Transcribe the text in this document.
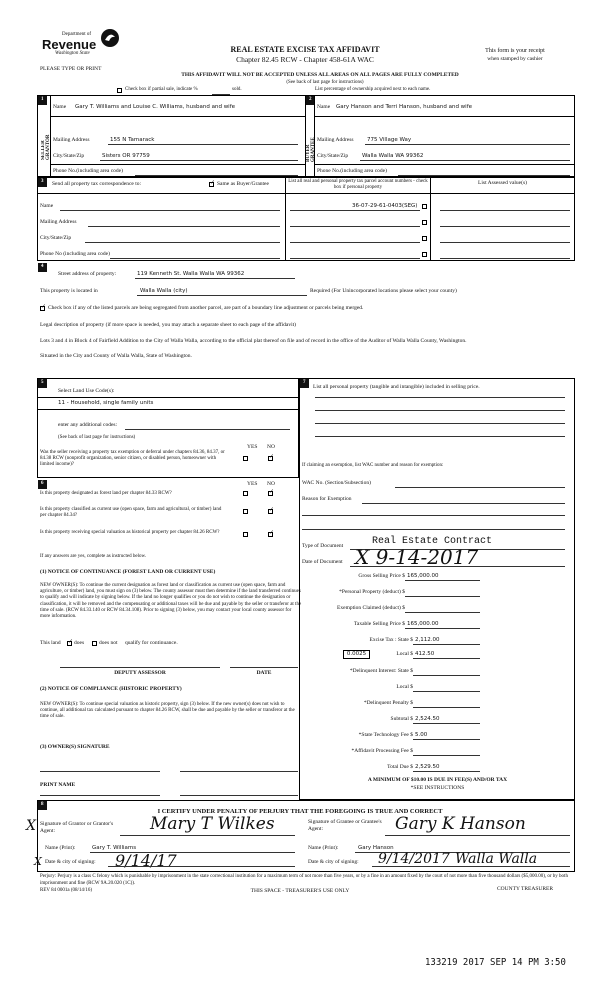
Department of
Revenue
Washington State	REAL ESTATE EXCISE TAX AFFIDAVIT
Chapter 82.45 RCW - Chapter 458-61A WAC
This form is your receipt
when stamped by cashier
PLEASE TYPE OR PRINT
THIS AFFIDAVIT WILL NOT BE ACCEPTED UNLESS ALL AREAS ON ALL PAGES ARE FULLY COMPLETED
(See back of last page for instructions)
Check box if partial sale, indicate %	sold.	List percentage of ownership acquired next to each name.
1
SELLER GRANTOR
Name Gary T. Williams and Louise C. Williams, husband and wife
Mailing Address	155 N Tamarack
City/State/Zip	Sisters OR 97759
Phone No.(including area code)
2
BUYER GRANTEE
Name Gary Hanson and Terri Hanson, husband and wife
Mailing Address 775 Village Way
City/State/Zip	Walla Walla WA 99362
Phone No.(including area code)
3 Send all property tax correspondence to: ✓	Same as Buyer/Grantee	List all real and personal property tax parcel account numbers - check box if personal property
List Assessed value(s)
Name
Mailing Address
City/State/Zip
Phone No (including area code)
36-07-29-61-0403(SEG)
4
Street address of property:	119 Kenneth St. Walla Walla WA 99362
This property is located in	Walla Walla (city)	Required (For Unincorporated locations please select your county)
✓
Check box if any of the listed parcels are being segregated from another parcel, are part of a boundary line adjustment or parcels being merged.
Legal description of property (if more space is needed, you may attach a separate sheet to each page of the affidavit)
Lots 3 and 4 in Block 4 of Fairfield Addition to the City of Walla Walla, according to the official plat thereof on file and of record in the office of the Auditor of Walla Walla County, Washington.
Situated in the City and County of Walla Walla, State of Washington.
5
Select Land Use Code(s):
11 - Household, single family units
enter any additional codes:
(See back of last page for instructions)
YES NO
Was the seller receiving a property tax exemption or deferral under chapters 84.36, 84.37, or 84.38 RCW (nonprofit organization, senior citizen, or disabled person, homeowner with limited income)?
✓
6	YES NO
Is this property designated as forest land per chapter 84.33 RCW?
✓
Is this property classified as current use (open space, farm and agricultural, or timber) land per chapter 84.34?
✓
Is this property receiving special valuation as historical property per chapter 84.26 RCW?
✓
If any answers are yes, complete as instructed below.
(1) NOTICE OF CONTINUANCE (FOREST LAND OR CURRENT USE)
NEW OWNER(S): To continue the current designation as forest land or classification as current use (open space, farm and agriculture, or timber) land, you must sign on (3) below. The county assessor must then determine if the land transferred continues to qualify and will indicate by signing below. If the land no longer qualifies or you do not wish to continue the designation or classification, it will be removed and the compensating or additional taxes will be due and payable by the seller or transferor at the time of sale. (RCW 84.33.140 or RCW 84.34.108). Prior to signing (3) below, you may contact your local county assessor for more information.
This land ✓ does	does not qualify for continuance.
DEPUTY ASSESSOR	DATE
(2) NOTICE OF COMPLIANCE (HISTORIC PROPERTY)
NEW OWNER(S): To continue special valuation as historic property, sign (3) below. If the new owner(s) does not wish to continue, all additional tax calculated pursuant to chapter 84.26 RCW, shall be due and payable by the seller or transferor at the time of sale.
(3) OWNER(S) SIGNATURE
PRINT NAME
7
List all personal property (tangible and intangible) included in selling price.
If claiming an exemption, list WAC number and reason for exemption:
WAC No. (Section/Subsection)
Reason for Exemption
Type of Document	Real Estate Contract
Date of Document X 9-14-2017
Gross Selling Price $ 165,000.00
*Personal Property (deduct) $
Exemption Claimed (deduct) $
Taxable Selling Price $ 165,000.00
Excise Tax : State $ 2,112.00
0.0025	Local $ 412.50
*Delinquent Interest: State $
Local $
*Delinquent Penalty $
Subtotal $ 2,524.50
*State Technology Fee $ 5.00
*Affidavit Processing Fee $
Total Due $ 2,529.50
A MINIMUM OF $10.00 IS DUE IN FEE(S) AND/OR TAX
*SEE INSTRUCTIONS
8
I CERTIFY UNDER PENALTY OF PERJURY THAT THE FOREGOING IS TRUE AND CORRECT
X Signature of Grantor or Grantor's Agent:	Mary T Wilkes
Name (Print):	Gary T. Williams
X Date & city of signing: 9/14/17
Signature of Grantee or Grantee's Agent:	Gary K Hanson
Name (Print):	Gary Hanson
Date & city of signing: 9/14/2017 Walla Walla
Perjury: Perjury is a class C felony which is punishable by imprisonment in the state correctional institution for a maximum term of not more than five years, or by a fine in an amount fixed by the court of not more than five thousand dollars ($5,000.00), or by both imprisonment and fine (RCW 9A.20.020 (1C)).
REV 84 0001a (08/14/16)	THIS SPACE - TREASURER'S USE ONLY	COUNTY TREASURER
133219 2017 SEP 14 PM 3:50
